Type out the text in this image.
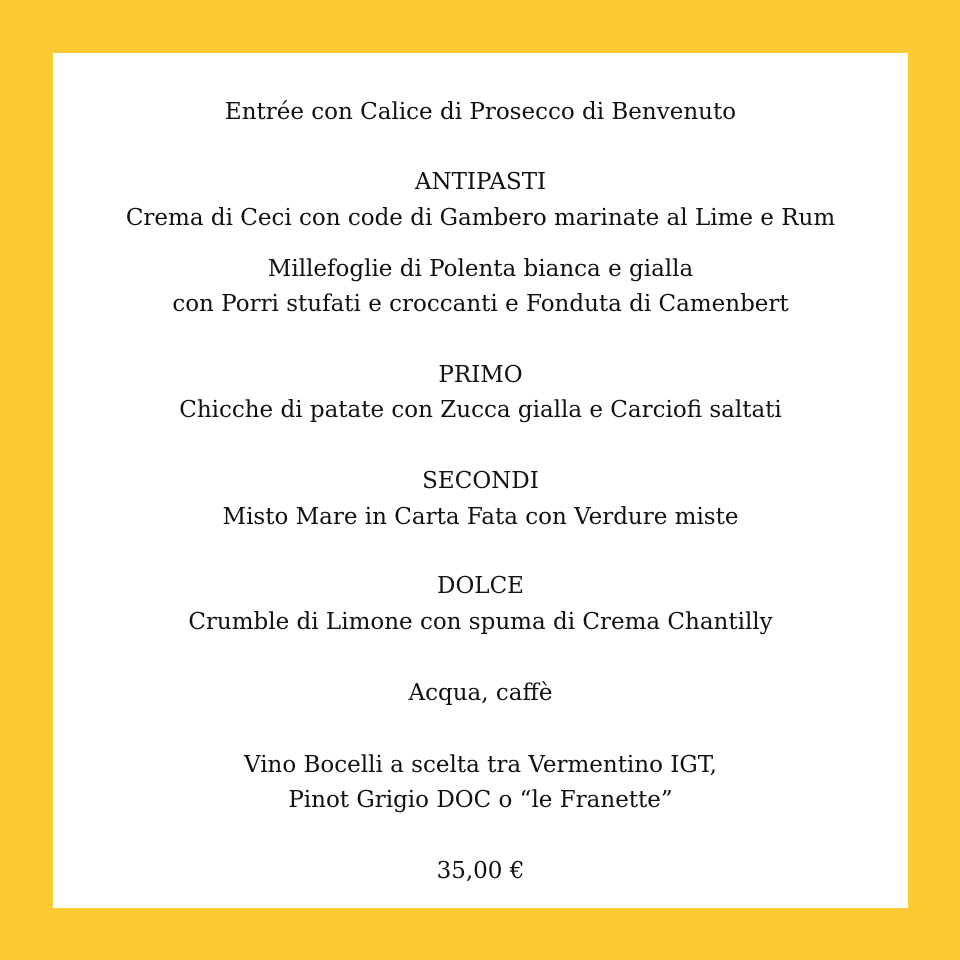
Entrée con Calice di Prosecco di Benvenuto
ANTIPASTI
Crema di Ceci con code di Gambero marinate al Lime e Rum
Millefoglie di Polenta bianca e gialla
con Porri stufati e croccanti e Fonduta di Camenbert
PRIMO
Chicche di patate con Zucca gialla e Carciofi saltati
SECONDI
Misto Mare in Carta Fata con Verdure miste
DOLCE
Crumble di Limone con spuma di Crema Chantilly
Acqua, caffè
Vino Bocelli a scelta tra Vermentino IGT,
Pinot Grigio DOC o “le Franette”
35,00 €
